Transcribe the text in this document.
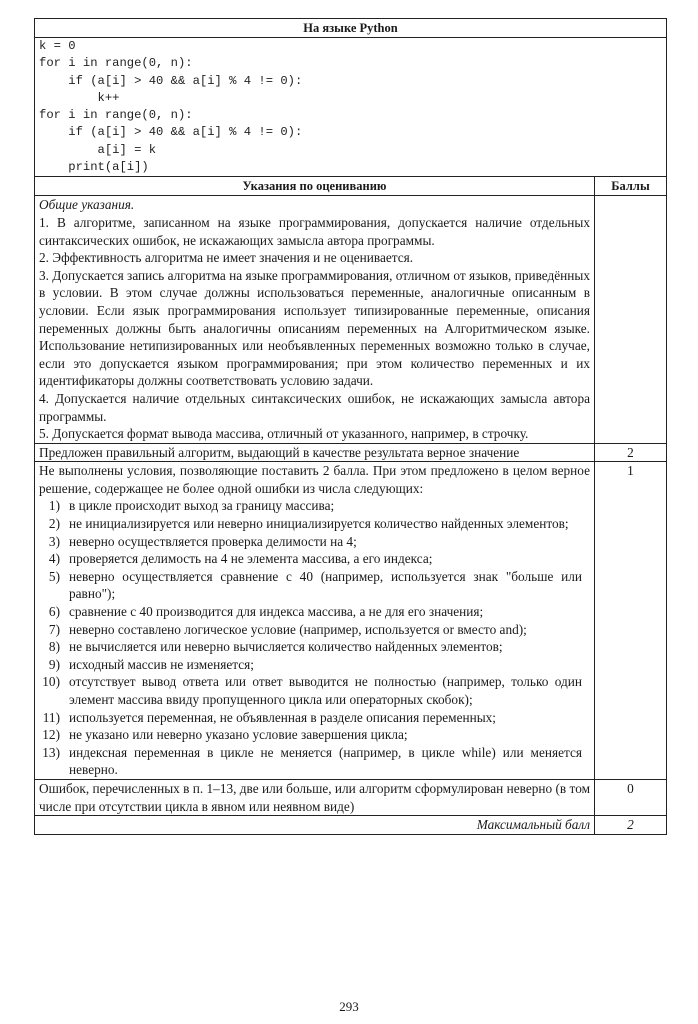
На языке Python	

k = 0
for i in range(0, n):
if (a[i] > 40 && a[i] % 4 != 0):
k++
for i in range(0, n):
if (a[i] > 40 && a[i] % 4 != 0):
a[i] = k
print(a[i])

Указания по оцениванию	Баллы

Общие указания.
1. В алгоритме, записанном на языке программирования, допускается наличие отдельных синтаксических ошибок, не искажающих замысла автора программы.
2. Эффективность алгоритма не имеет значения и не оценивается.
3. Допускается запись алгоритма на языке программирования, отличном от языков, приведённых в условии. В этом случае должны использоваться переменные, аналогичные описанным в условии. Если язык программирования использует типизированные переменные, описания переменных должны быть аналогичны описаниям переменных на Алгоритмическом языке. Использование нетипизированных или необъявленных переменных возможно только в случае, если это допускается языком программирования; при этом количество переменных и их идентификаторы должны соответствовать условию задачи.
4. Допускается наличие отдельных синтаксических ошибок, не искажающих замысла автора программы.
5. Допускается формат вывода массива, отличный от указанного, например, в строчку.

Предложен правильный алгоритм, выдающий в качестве результата верное значение	2

Не выполнены условия, позволяющие поставить 2 балла. При этом предложено в целом верное решение, содержащее не более одной ошибки из числа следующих:
1) в цикле происходит выход за границу массива;
2) не инициализируется или неверно инициализируется количество найденных элементов;
3) неверно осуществляется проверка делимости на 4;
4) проверяется делимость на 4 не элемента массива, а его индекса;
5) неверно осуществляется сравнение с 40 (например, используется знак "больше или равно");
6) сравнение с 40 производится для индекса массива, а не для его значения;
7) неверно составлено логическое условие (например, используется or вместо and);
8) не вычисляется или неверно вычисляется количество найденных элементов;
9) исходный массив не изменяется;
10) отсутствует вывод ответа или ответ выводится не полностью (например, только один элемент массива ввиду пропущенного цикла или операторных скобок);
11) используется переменная, не объявленная в разделе описания переменных;
12) не указано или неверно указано условие завершения цикла;
13) индексная переменная в цикле не меняется (например, в цикле while) или меняется неверно.
	1
Ошибок, перечисленных в п. 1–13, две или больше, или алгоритм сформулирован неверно (в том числе при отсутствии цикла в явном или неявном виде)	0
Максимальный балл	2
293
